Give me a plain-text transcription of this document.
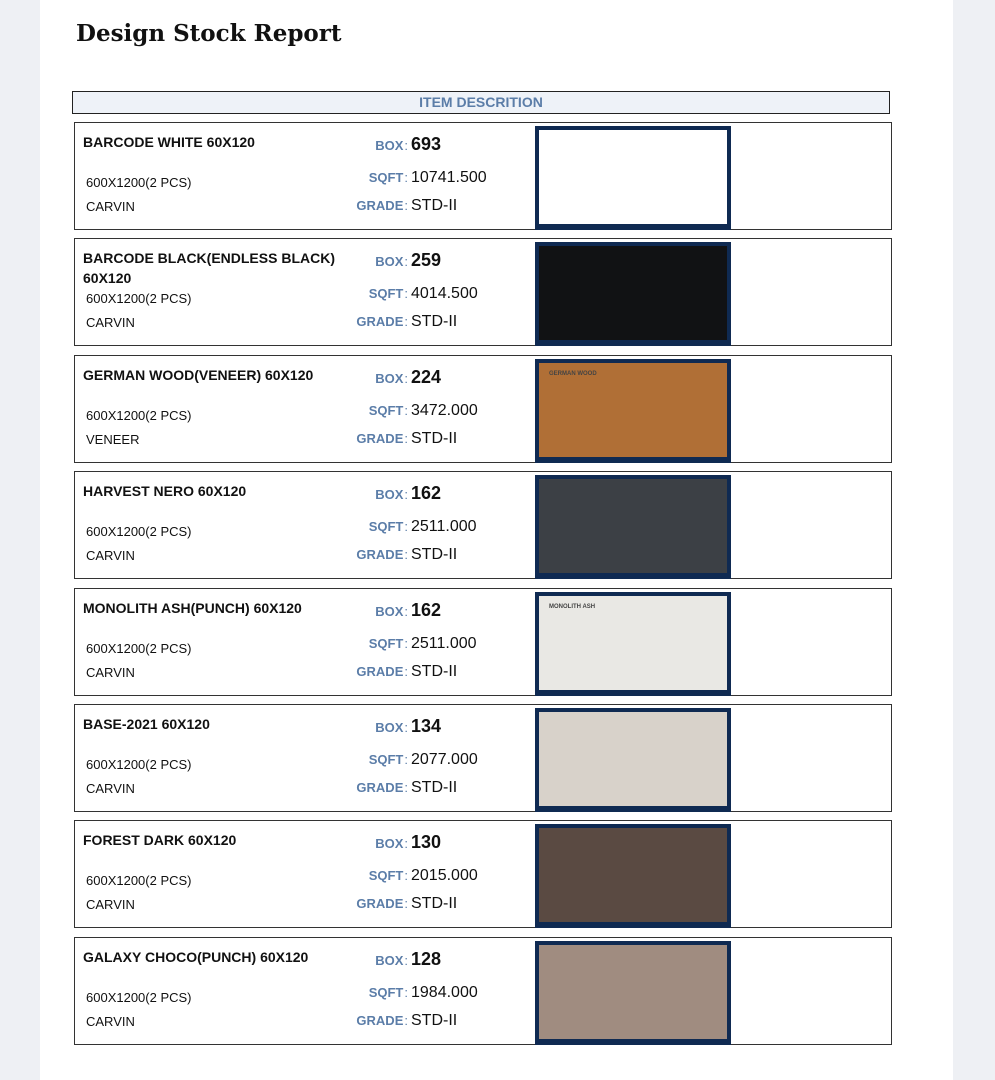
Design Stock Report
ITEM DESCRITION
BARCODE WHITE 60X120
600X1200(2 PCS)
CARVIN
BOX: 693
SQFT: 10741.500
GRADE: STD-II
BARCODE BLACK(ENDLESS BLACK) 60X120
600X1200(2 PCS)
CARVIN
BOX: 259
SQFT: 4014.500
GRADE: STD-II
GERMAN WOOD(VENEER) 60X120
600X1200(2 PCS)
VENEER
BOX: 224
SQFT: 3472.000
GRADE: STD-II
GERMAN WOOD
HARVEST NERO 60X120
600X1200(2 PCS)
CARVIN
BOX: 162
SQFT: 2511.000
GRADE: STD-II
MONOLITH ASH(PUNCH) 60X120
600X1200(2 PCS)
CARVIN
BOX: 162
SQFT: 2511.000
GRADE: STD-II
MONOLITH ASH
BASE-2021 60X120
600X1200(2 PCS)
CARVIN
BOX: 134
SQFT: 2077.000
GRADE: STD-II
FOREST DARK 60X120
600X1200(2 PCS)
CARVIN
BOX: 130
SQFT: 2015.000
GRADE: STD-II
GALAXY CHOCO(PUNCH) 60X120
600X1200(2 PCS)
CARVIN
BOX: 128
SQFT: 1984.000
GRADE: STD-II
